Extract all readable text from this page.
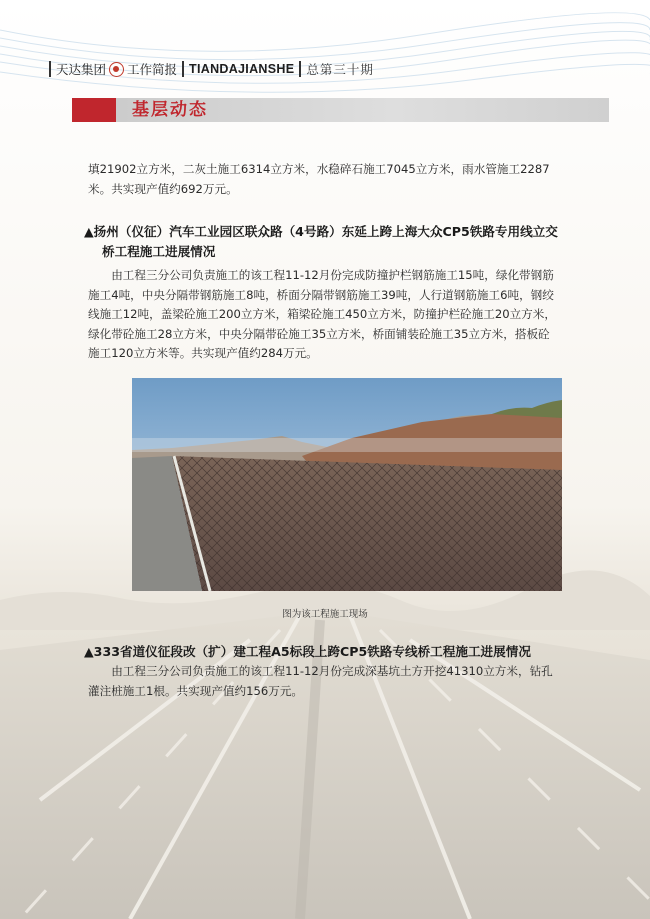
天达集团 工作简报 TIANDAJIANSHE 总第三十期
基层动态
填21902立方米，二灰土施工6314立方米，水稳碎石施工7045立方米，雨水管施工2287
米。共实现产值约692万元。
▲扬州（仪征）汽车工业园区联众路（4号路）东延上跨上海大众CP5铁路专用线立交
桥工程施工进展情况
由工程三分公司负责施工的该工程11-12月份完成防撞护栏钢筋施工15吨，绿化带钢筋
施工4吨，中央分隔带钢筋施工8吨，桥面分隔带钢筋施工39吨，人行道钢筋施工6吨，钢绞
线施工12吨，盖梁砼施工200立方米，箱梁砼施工450立方米，防撞护栏砼施工20立方米，
绿化带砼施工28立方米，中央分隔带砼施工35立方米，桥面铺装砼施工35立方米，搭板砼
施工120立方米等。共实现产值约284万元。
图为该工程施工现场
▲333省道仪征段改（扩）建工程A5标段上跨CP5铁路专线桥工程施工进展情况
由工程三分公司负责施工的该工程11-12月份完成深基坑土方开挖41310立方米，钻孔
灌注桩施工1根。共实现产值约156万元。
